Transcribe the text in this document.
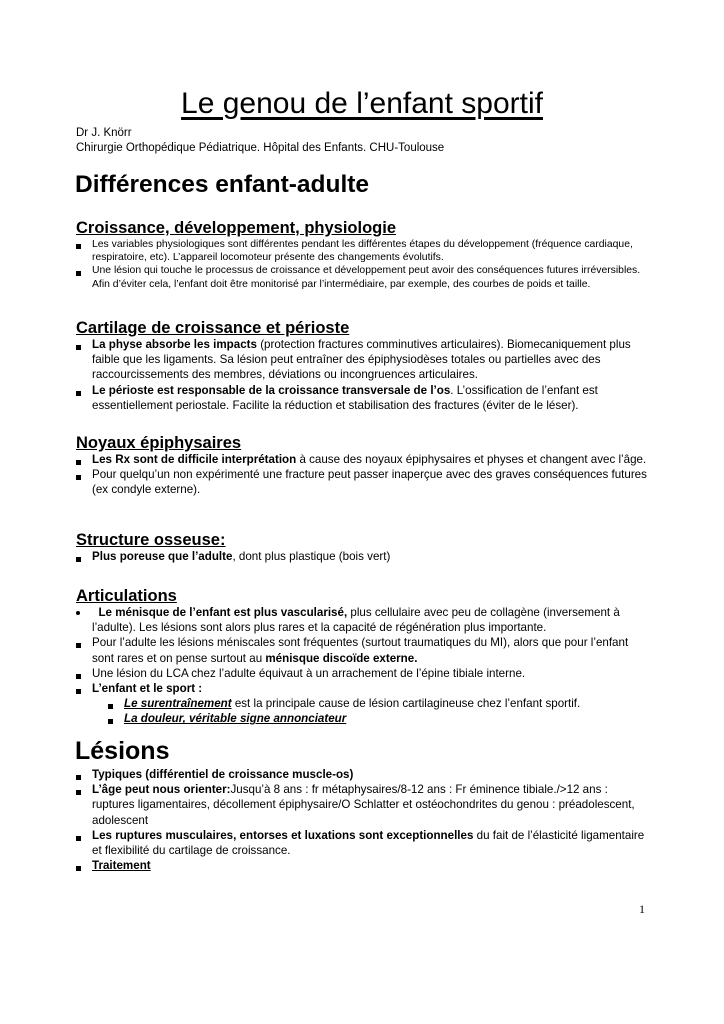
Le genou de l’enfant sportif
Dr J. Knörr
Chirurgie Orthopédique Pédiatrique. Hôpital des Enfants. CHU-Toulouse
Différences enfant-adulte
Croissance, développement, physiologie
Les variables physiologiques sont différentes pendant les différentes étapes du développement (fréquence cardiaque, respiratoire, etc). L’appareil locomoteur présente des changements évolutifs.
Une lésion qui touche le processus de croissance et développement peut avoir des conséquences futures irréversibles. Afin d’éviter cela, l’enfant doit être monitorisé par l’intermédiaire, par exemple, des courbes de poids et taille.
Cartilage de croissance et périoste
La physe absorbe les impacts (protection fractures comminutives articulaires). Biomecaniquement plus faible que les ligaments. Sa lésion peut entraîner des épiphysiodèses totales ou partielles avec des raccourcissements des membres, déviations ou incongruences articulaires.
Le périoste est responsable de la croissance transversale de l’os. L’ossification de l’enfant est essentiellement periostale. Facilite la réduction et stabilisation des fractures (éviter de le léser).
Noyaux épiphysaires
Les Rx sont de difficile interprétation à cause des noyaux épiphysaires et physes et changent avec l’âge.
Pour quelqu’un non expérimenté une fracture peut passer inaperçue avec des graves conséquences futures (ex condyle externe).
Structure osseuse:
Plus poreuse que l’adulte, dont plus plastique (bois vert)
Articulations
Le ménisque de l’enfant est plus vascularisé, plus cellulaire avec peu de collagène (inversement à l’adulte). Les lésions sont alors plus rares et la capacité de régénération plus importante.
Pour l’adulte les lésions méniscales sont fréquentes (surtout traumatiques du MI), alors que pour l’enfant sont rares et on pense surtout au ménisque discoïde externe.
Une lésion du LCA chez l’adulte équivaut à un arrachement de l’épine tibiale interne.
L’enfant et le sport :
Le surentraînement est la principale cause de lésion cartilagineuse chez l’enfant sportif.
La douleur, véritable signe annonciateur
Lésions
Typiques (différentiel de croissance muscle-os)
L’âge peut nous orienter:Jusqu’à 8 ans : fr métaphysaires/8-12 ans : Fr éminence tibiale./>12 ans : ruptures ligamentaires, décollement épiphysaire/O Schlatter et ostéochondrites du genou : préadolescent, adolescent
Les ruptures musculaires, entorses et luxations sont exceptionnelles du fait de l’élasticité ligamentaire et flexibilité du cartilage de croissance.
Traitement
1
